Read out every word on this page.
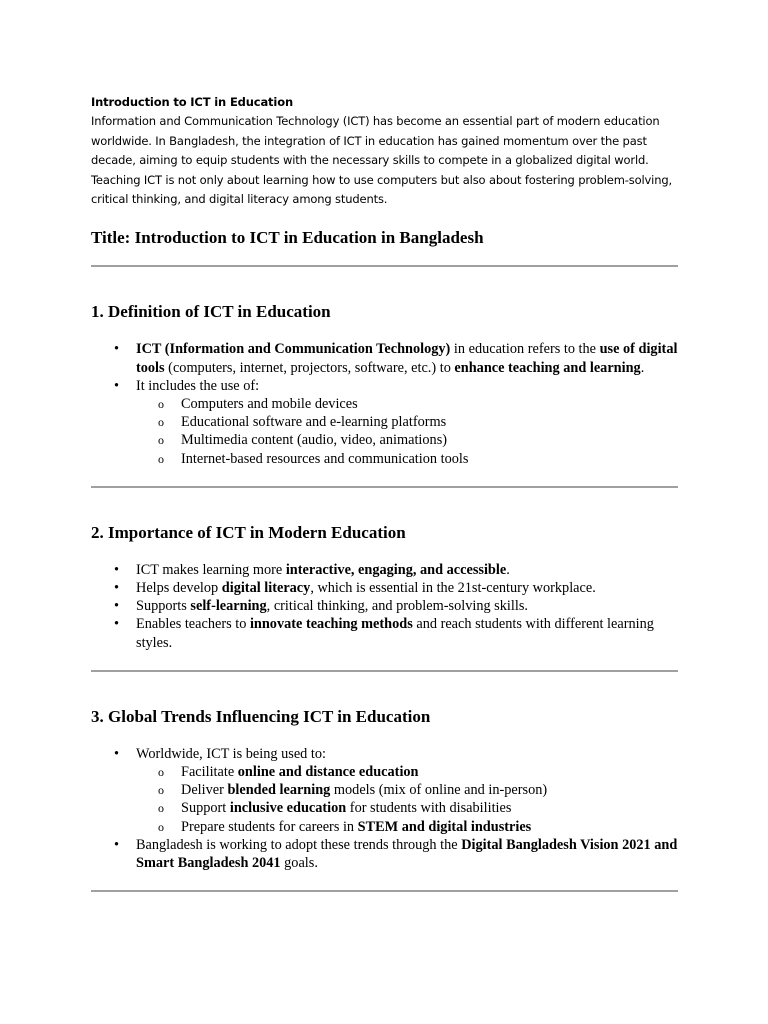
Introduction to ICT in Education
Information and Communication Technology (ICT) has become an essential part of modern education worldwide. In Bangladesh, the integration of ICT in education has gained momentum over the past decade, aiming to equip students with the necessary skills to compete in a globalized digital world. Teaching ICT is not only about learning how to use computers but also about fostering problem-solving, critical thinking, and digital literacy among students.
Title: Introduction to ICT in Education in Bangladesh
1. Definition of ICT in Education
• ICT (Information and Communication Technology) in education refers to the use of digital tools (computers, internet, projectors, software, etc.) to enhance teaching and learning.
• It includes the use of:
o Computers and mobile devices
o Educational software and e-learning platforms
o Multimedia content (audio, video, animations)
o Internet-based resources and communication tools
2. Importance of ICT in Modern Education
• ICT makes learning more interactive, engaging, and accessible.
• Helps develop digital literacy, which is essential in the 21st-century workplace.
• Supports self-learning, critical thinking, and problem-solving skills.
• Enables teachers to innovate teaching methods and reach students with different learning styles.
3. Global Trends Influencing ICT in Education
• Worldwide, ICT is being used to:
o Facilitate online and distance education
o Deliver blended learning models (mix of online and in-person)
o Support inclusive education for students with disabilities
o Prepare students for careers in STEM and digital industries
• Bangladesh is working to adopt these trends through the Digital Bangladesh Vision 2021 and Smart Bangladesh 2041 goals.
